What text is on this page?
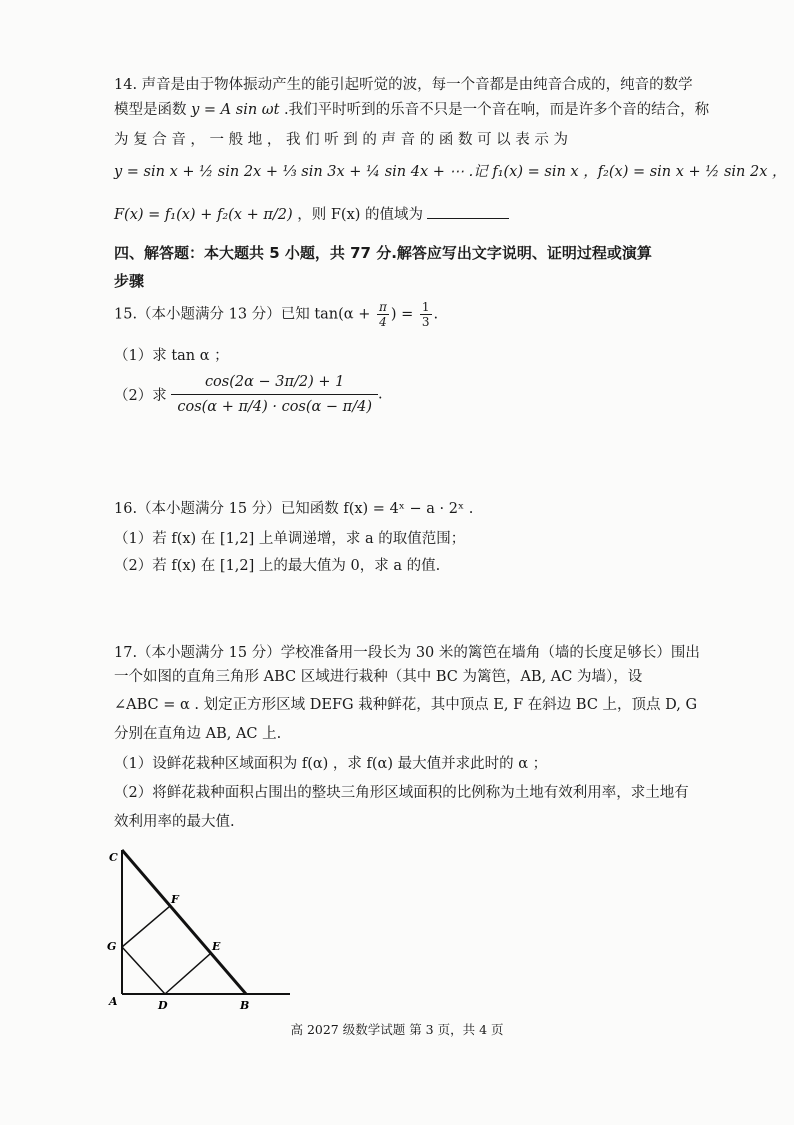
14. 声音是由于物体振动产生的能引起听觉的波，每一个音都是由纯音合成的，纯音的数学
模型是函数 y = A sin ωt .我们平时听到的乐音不只是一个音在响，而是许多个音的结合，称
为 复 合 音 ， 一 般 地 ， 我 们 听 到 的 声 音 的 函 数 可 以 表 示 为
y = sin x + ½ sin 2x + ⅓ sin 3x + ¼ sin 4x + ⋯ .记 f₁(x) = sin x ，f₂(x) = sin x + ½ sin 2x ，
F(x) = f₁(x) + f₂(x + π/2) ，则 F(x) 的值域为
四、解答题：本大题共 5 小题，共 77 分.解答应写出文字说明、证明过程或演算
步骤
15.（本小题满分 13 分）已知 $\tan(\alpha + \frac{\pi}{4}$ ) = $\frac{1}{3}$ .
（1）求 tan α ；
（2）求 $\frac{\cos(2\alpha - 3\pi/2) + 1}{\cos(\alpha + \pi/4) \cdot \cos(\alpha - \pi/4)}$ .
16.（本小题满分 15 分）已知函数 f(x) = 4ˣ − a · 2ˣ .
（1）若 f(x) 在 [1,2] 上单调递增，求 a 的取值范围；
（2）若 f(x) 在 [1,2] 上的最大值为 0，求 a 的值.
17.（本小题满分 15 分）学校准备用一段长为 30 米的篱笆在墙角（墙的长度足够长）围出
一个如图的直角三角形 ABC 区域进行栽种（其中 BC 为篱笆，AB, AC 为墙），设
∠ABC = α . 划定正方形区域 DEFG 栽种鲜花，其中顶点 E, F 在斜边 BC 上，顶点 D, G
分别在直角边 AB, AC 上.
（1）设鲜花栽种区域面积为 f(α) ，求 f(α) 最大值并求此时的 α ；
（2）将鲜花栽种面积占围出的整块三角形区域面积的比例称为土地有效利用率，求土地有
效利用率的最大值.
C
F
G	E
A	D	B
高 2027 级数学试题 第 3 页，共 4 页
